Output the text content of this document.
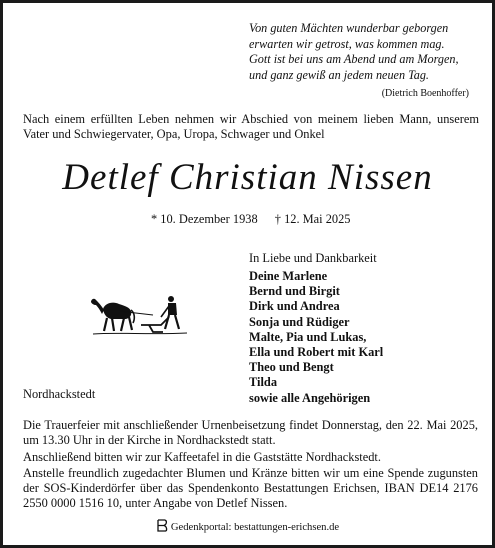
Von guten Mächten wunderbar geborgen
erwarten wir getrost, was kommen mag.
Gott ist bei uns am Abend und am Morgen,
und ganz gewiß an jedem neuen Tag.
(Dietrich Boenhoffer)
Nach einem erfüllten Leben nehmen wir Abschied von meinem lieben Mann, unserem Vater und Schwiegervater, Opa, Uropa, Schwager und Onkel
Detlef Christian Nissen
* 10. Dezember 1938 † 12. Mai 2025
In Liebe und Dankbarkeit
Deine Marlene
Bernd und Birgit
Dirk und Andrea
Sonja und Rüdiger
Malte, Pia und Lukas,
Ella und Robert mit Karl
Theo und Bengt
Tilda
sowie alle Angehörigen
Nordhackstedt

Die Trauerfeier mit anschließender Urnenbeisetzung findet Donnerstag, den 22. Mai 2025, um 13.30 Uhr in der Kirche in Nordhackstedt statt.

Anschließend bitten wir zur Kaffeetafel in die Gaststätte Nordhackstedt.

Anstelle freundlich zugedachter Blumen und Kränze bitten wir um eine Spende zugunsten der SOS-Kinderdörfer über das Spendenkonto Bestattungen Erichsen, IBAN DE14 2176 2550 0000 1516 10, unter Angabe von Detlef Nissen.

Gedenkportal: bestattungen-erichsen.de
